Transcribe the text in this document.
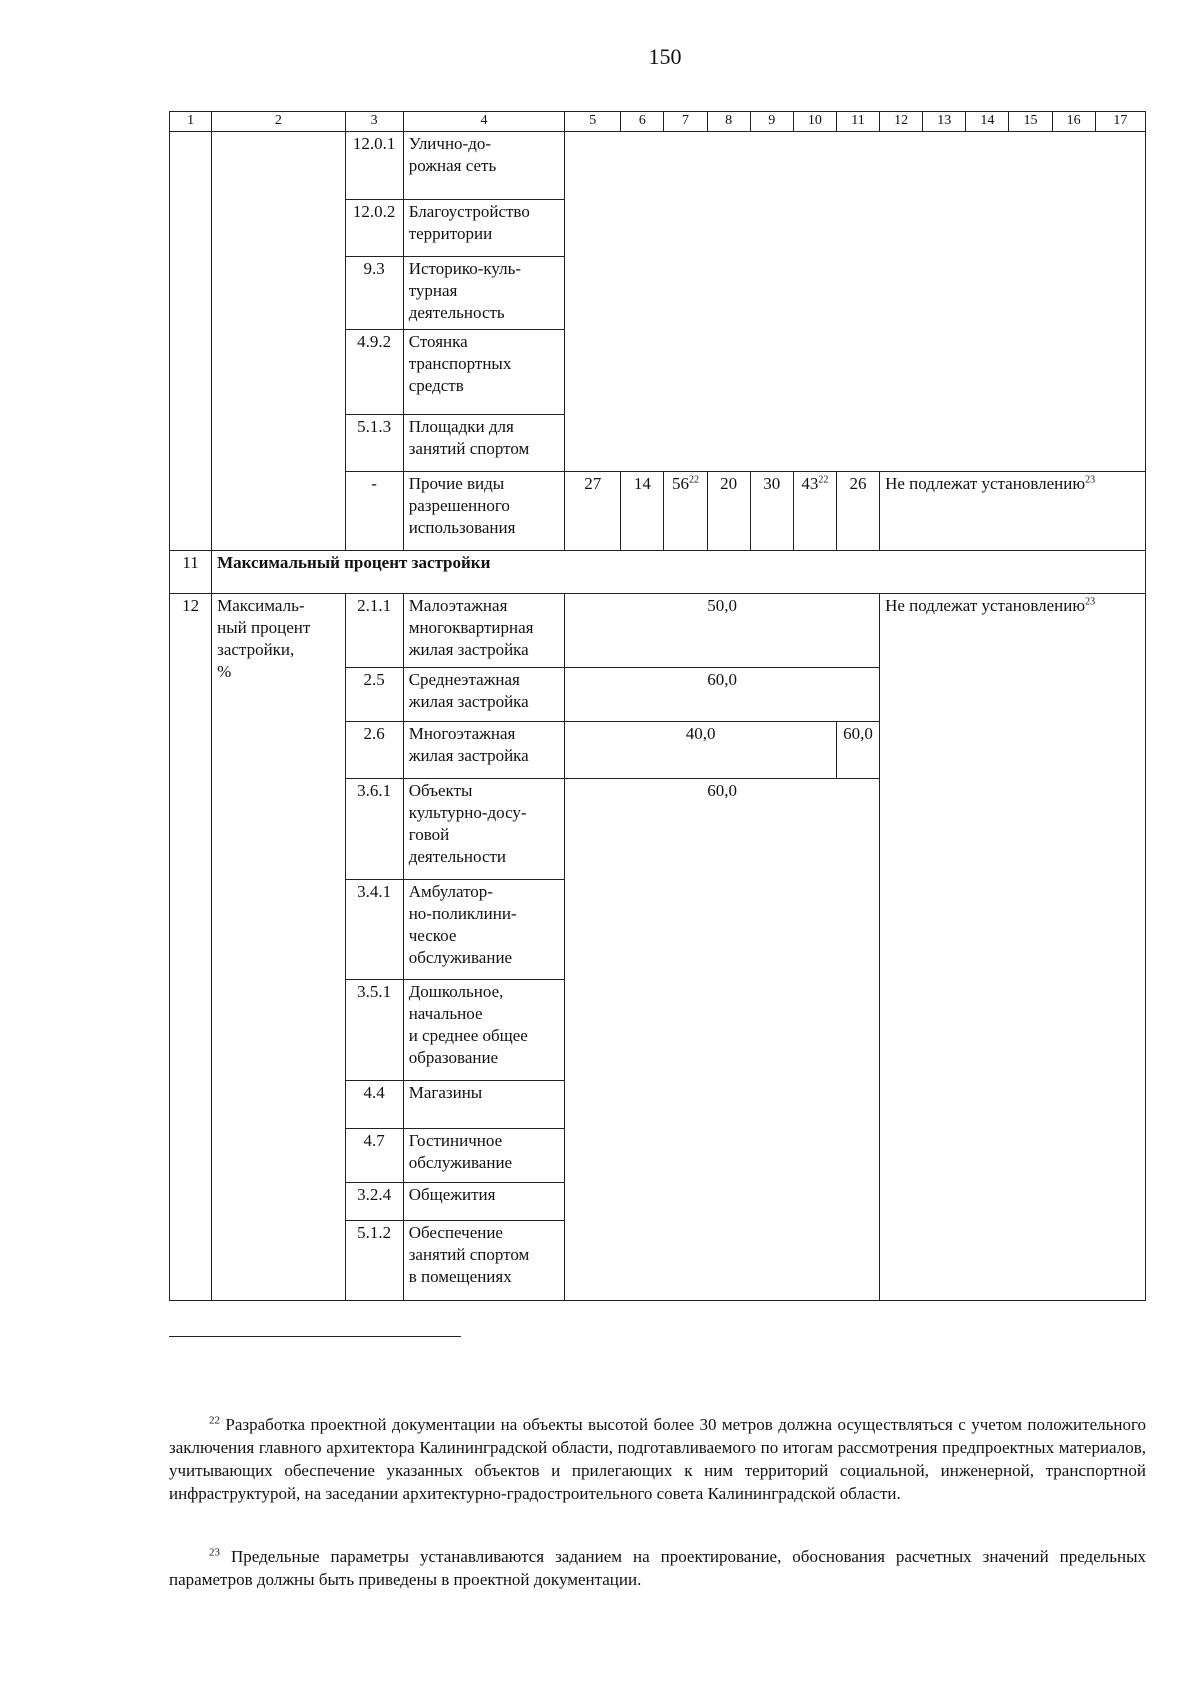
150
1	2	3	4	5	6	7	8	9	10	11	12	13	14	15	16	17
		12.0.1	Улично-до-
рожная сеть													

		12.0.2	Благоустройство
территории													

		9.3	Историко-куль-
турная
деятельность													

		4.9.2	Стоянка
транспортных
средств													

		5.1.3	Площадки для
занятий спортом													

		-	Прочие виды
разрешенного
использования	27	14	$56^{22}$	20	30	$43^{22}$	26	Не подлежат установлению$^{23}$
11	Максимальный процент застройки															
12	Максималь-
ный процент
застройки,
%	2.1.1	Малоэтажная
многоквартирная
жилая застройка	50,0							Не подлежат установлению$^{23}$
		2.5	Среднеэтажная
жилая застройка	60,0												
		2.6	Многоэтажная
жилая застройка	40,0						60,0						
		3.6.1	Объекты
культурно-досу-
говой
деятельности	60,0												
		3.4.1	Амбулатор-
но-поликлини-
ческое
обслуживание													

		3.5.1	Дошкольное,
начальное
и среднее общее
образование													

		4.4	Магазины													

		4.7	Гостиничное
обслуживание													

		3.2.4	Общежития													

		5.1.2	Обеспечение
занятий спортом
в помещениях													
$^{22}$ Разработка проектной документации на объекты высотой более 30 метров должна осуществляться с учетом положительного заключения главного архитектора Калининградской области, подготавливаемого по итогам рассмотрения предпроектных материалов, учитывающих обеспечение указанных объектов и прилегающих к ним территорий социальной, инженерной, транспортной инфраструктурой, на заседании архитектурно-градостроительного совета Калининградской области.
$^{23}$ Предельные параметры устанавливаются заданием на проектирование, обоснования расчетных значений предельных параметров должны быть приведены в проектной документации.
